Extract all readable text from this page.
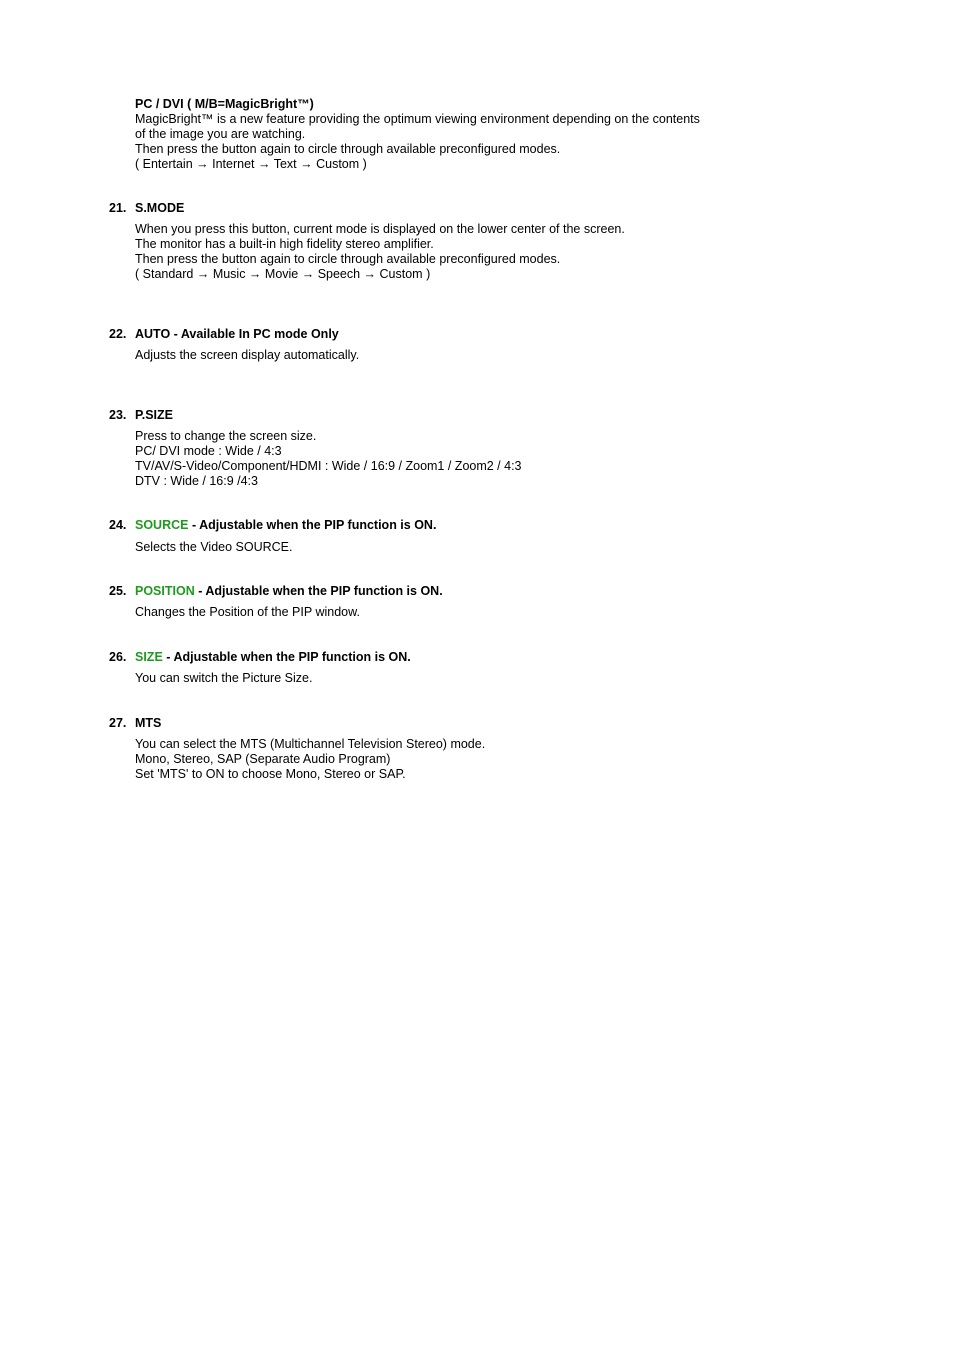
PC / DVI ( M/B=MagicBright™)
MagicBright™ is a new feature providing the optimum viewing environment depending on the contents
of the image you are watching.
Then press the button again to circle through available preconfigured modes.
( Entertain → Internet → Text → Custom )
21. S.MODE
When you press this button, current mode is displayed on the lower center of the screen.
The monitor has a built-in high fidelity stereo amplifier.
Then press the button again to circle through available preconfigured modes.
( Standard → Music → Movie → Speech → Custom )
22. AUTO - Available In PC mode Only
Adjusts the screen display automatically.
23. P.SIZE
Press to change the screen size.
PC/ DVI mode : Wide / 4:3
TV/AV/S-Video/Component/HDMI : Wide / 16:9 / Zoom1 / Zoom2 / 4:3
DTV : Wide / 16:9 /4:3
24. SOURCE - Adjustable when the PIP function is ON.
Selects the Video SOURCE.
25. POSITION - Adjustable when the PIP function is ON.
Changes the Position of the PIP window.
26. SIZE - Adjustable when the PIP function is ON.
You can switch the Picture Size.
27. MTS
You can select the MTS (Multichannel Television Stereo) mode.
Mono, Stereo, SAP (Separate Audio Program)
Set 'MTS' to ON to choose Mono, Stereo or SAP.
